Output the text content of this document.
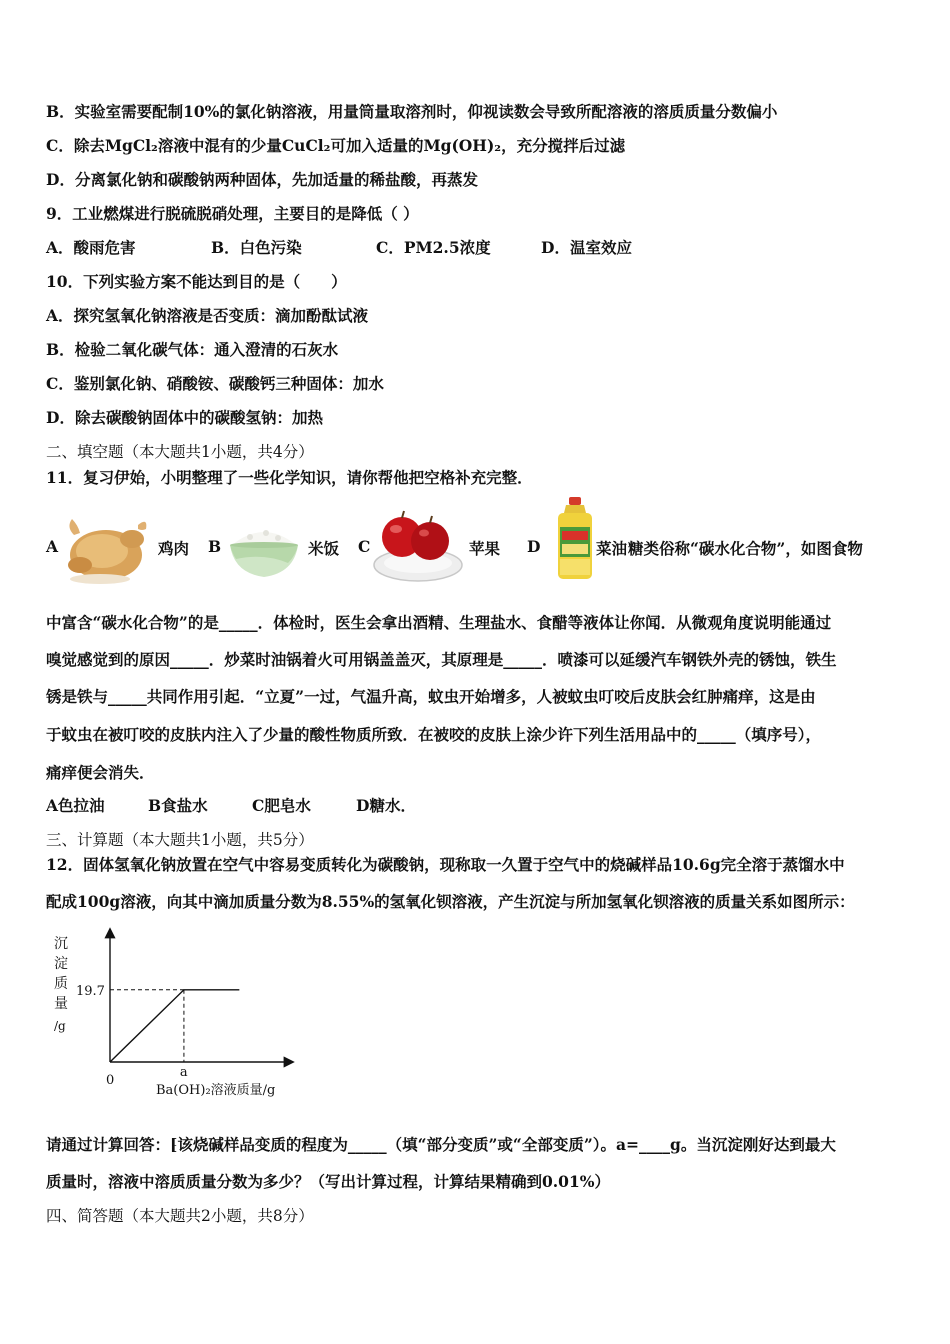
B．实验室需要配制10%的氯化钠溶液，用量筒量取溶剂时，仰视读数会导致所配溶液的溶质质量分数偏小
C．除去MgCl₂溶液中混有的少量CuCl₂可加入适量的Mg(OH)₂，充分搅拌后过滤
D．分离氯化钠和碳酸钠两种固体，先加适量的稀盐酸，再蒸发
9．工业燃煤进行脱硫脱硝处理，主要目的是降低（ ）
A．酸雨危害	B．白色污染	C．PM2.5浓度	D．温室效应
10．下列实验方案不能达到目的是（　　）
A．探究氢氧化钠溶液是否变质：滴加酚酞试液
B．检验二氧化碳气体：通入澄清的石灰水
C．鉴别氯化钠、硝酸铵、碳酸钙三种固体：加水
D．除去碳酸钠固体中的碳酸氢钠：加热
二、填空题（本大题共1小题，共4分）
11．复习伊始，小明整理了一些化学知识，请你帮他把空格补充完整．
A	鸡肉 B	米饭 C	苹果 D	菜油 糖类俗称“碳水化合物”，如图食物
中富含“碳水化合物”的是_____．体检时，医生会拿出酒精、生理盐水、食醋等液体让你闻．从微观角度说明能通过
嗅觉感觉到的原因_____．炒菜时油锅着火可用锅盖盖灭，其原理是_____．喷漆可以延缓汽车钢铁外壳的锈蚀，铁生
锈是铁与_____共同作用引起．“立夏”一过，气温升高，蚊虫开始增多，人被蚊虫叮咬后皮肤会红肿痛痒，这是由
于蚊虫在被叮咬的皮肤内注入了少量的酸性物质所致．在被咬的皮肤上涂少许下列生活用品中的_____（填序号），
痛痒便会消失．
A色拉油	B食盐水	C肥皂水	D糖水．
三、计算题（本大题共1小题，共5分）
12．固体氢氧化钠放置在空气中容易变质转化为碳酸钠，现称取一久置于空气中的烧碱样品10.6g完全溶于蒸馏水中
配成100g溶液，向其中滴加质量分数为8.55%的氢氧化钡溶液，产生沉淀与所加氢氧化钡溶液的质量关系如图所示：
沉
淀
质
量
/g
19.7
0
a
Ba(OH)₂溶液质量/g
请通过计算回答：⁅该烧碱样品变质的程度为_____（填“部分变质”或“全部变质”）。a=____g。当沉淀刚好达到最大
质量时，溶液中溶质质量分数为多少？（写出计算过程，计算结果精确到0.01%）
四、简答题（本大题共2小题，共8分）
